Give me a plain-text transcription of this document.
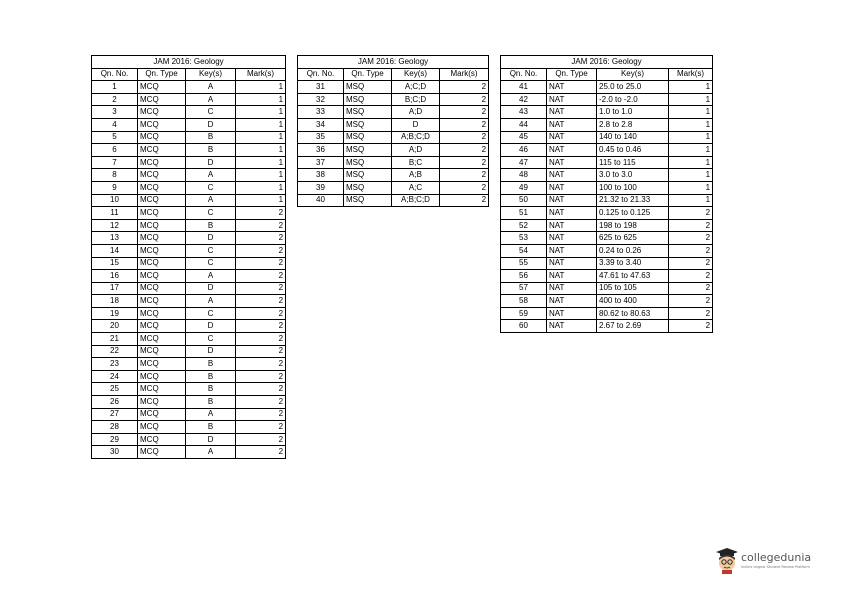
JAM 2016: Geology			
Qn. No.	Qn. Type	Key(s)	Mark(s)
1	MCQ	A	1
2	MCQ	A	1
3	MCQ	C	1
4	MCQ	D	1
5	MCQ	B	1
6	MCQ	B	1
7	MCQ	D	1
8	MCQ	A	1
9	MCQ	C	1
10	MCQ	A	1
11	MCQ	C	2
12	MCQ	B	2
13	MCQ	D	2
14	MCQ	C	2
15	MCQ	C	2
16	MCQ	A	2
17	MCQ	D	2
18	MCQ	A	2
19	MCQ	C	2
20	MCQ	D	2
21	MCQ	C	2
22	MCQ	D	2
23	MCQ	B	2
24	MCQ	B	2
25	MCQ	B	2
26	MCQ	B	2
27	MCQ	A	2
28	MCQ	B	2
29	MCQ	D	2
30	MCQ	A	2
JAM 2016: Geology			
Qn. No.	Qn. Type	Key(s)	Mark(s)
31	MSQ	A;C;D	2
32	MSQ	B;C;D	2
33	MSQ	A;D	2
34	MSQ	D	2
35	MSQ	A;B;C;D	2
36	MSQ	A;D	2
37	MSQ	B;C	2
38	MSQ	A;B	2
39	MSQ	A;C	2
40	MSQ	A;B;C;D	2
JAM 2016: Geology			
Qn. No.	Qn. Type	Key(s)	Mark(s)
41	NAT	25.0 to 25.0	1
42	NAT	-2.0 to -2.0	1
43	NAT	1.0 to 1.0	1
44	NAT	2.8 to 2.8	1
45	NAT	140 to 140	1
46	NAT	0.45 to 0.46	1
47	NAT	115 to 115	1
48	NAT	3.0 to 3.0	1
49	NAT	100 to 100	1
50	NAT	21.32 to 21.33	1
51	NAT	0.125 to 0.125	2
52	NAT	198 to 198	2
53	NAT	625 to 625	2
54	NAT	0.24 to 0.26	2
55	NAT	3.39 to 3.40	2
56	NAT	47.61 to 47.63	2
57	NAT	105 to 105	2
58	NAT	400 to 400	2
59	NAT	80.62 to 80.63	2
60	NAT	2.67 to 2.69	2
collegedunia
India's largest Student Review Platform
